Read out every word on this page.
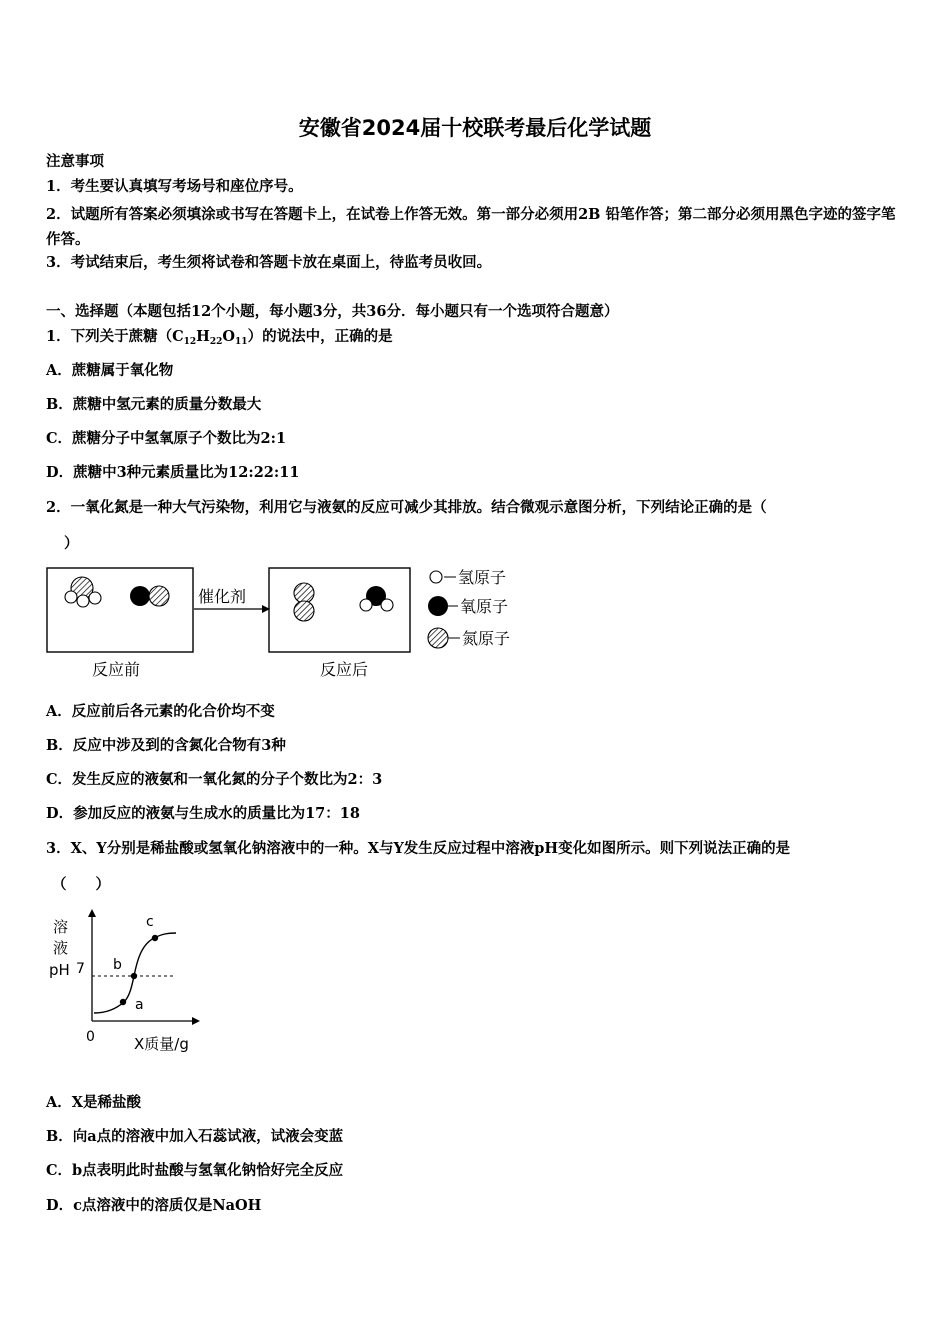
安徽省2024届十校联考最后化学试题
注意事项
1．考生要认真填写考场号和座位序号。
2．试题所有答案必须填涂或书写在答题卡上，在试卷上作答无效。第一部分必须用2B 铅笔作答；第二部分必须用黑色字迹的签字笔作答。
3．考试结束后，考生须将试卷和答题卡放在桌面上，待监考员收回。
一、选择题（本题包括12个小题，每小题3分，共36分．每小题只有一个选项符合题意）
1．下列关于蔗糖$(C_{12}H_{22}O_{11})$的说法中，正确的是
A．蔗糖属于氧化物
B．蔗糖中氢元素的质量分数最大
C．蔗糖分子中氢氧原子个数比为2:1
D．蔗糖中3种元素质量比为12:22:11
2．一氧化氮是一种大气污染物，利用它与液氨的反应可减少其排放。结合微观示意图分析，下列结论正确的是（
）
催化剂
反应前	反应后
氢原子
氧原子
氮原子
A．反应前后各元素的化合价均不变
B．反应中涉及到的含氮化合物有3种
C．发生反应的液氨和一氧化氮的分子个数比为2：3
D．参加反应的液氨与生成水的质量比为17：18
3．X、Y分别是稀盐酸或氢氧化钠溶液中的一种。X与Y发生反应过程中溶液pH变化如图所示。则下列说法正确的是
（　　）
溶
液
pH 7
0	X质量/g
a
b
c
A．X是稀盐酸
B．向a点的溶液中加入石蕊试液，试液会变蓝
C．b点表明此时盐酸与氢氧化钠恰好完全反应
D．c点溶液中的溶质仅是NaOH
